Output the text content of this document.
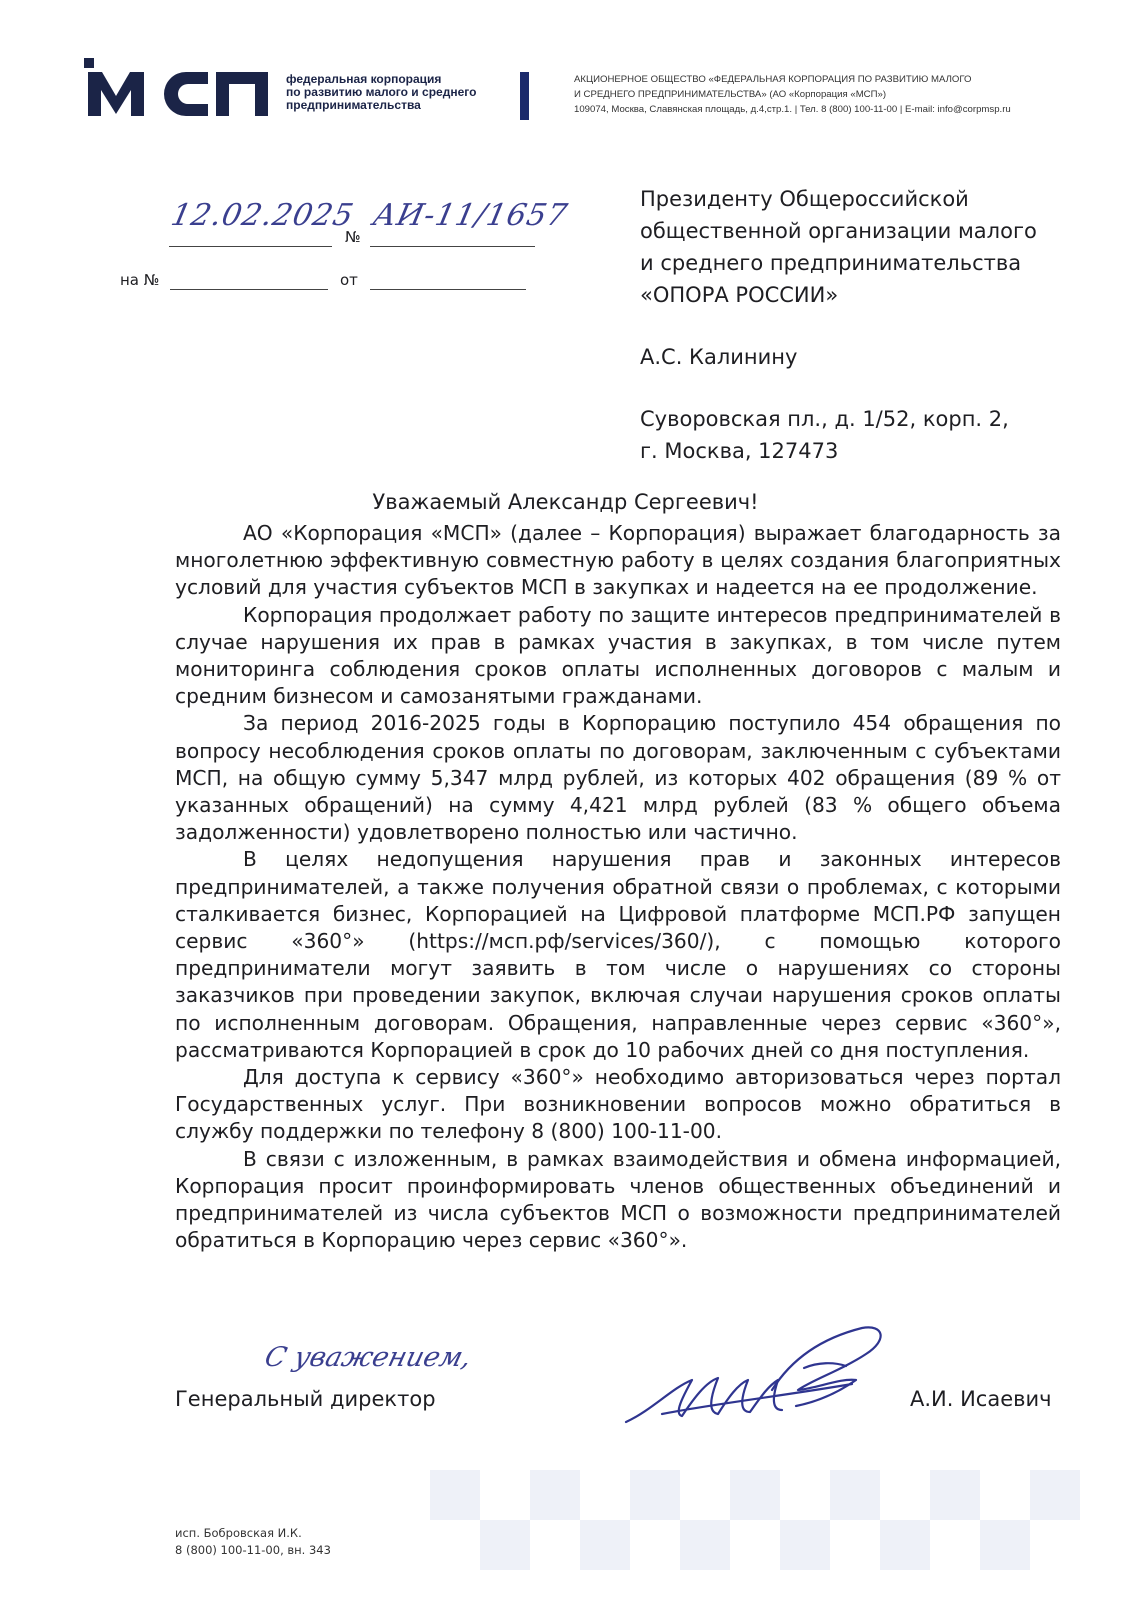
МСП
федеральная корпорация
по развитию малого и среднего
предпринимательства
АКЦИОНЕРНОЕ ОБЩЕСТВО «ФЕДЕРАЛЬНАЯ КОРПОРАЦИЯ ПО РАЗВИТИЮ МАЛОГО
И СРЕДНЕГО ПРЕДПРИНИМАТЕЛЬСТВА» (АО «Корпорация «МСП»)
109074, Москва, Славянская площадь, д.4,стр.1. | Тел. 8 (800) 100-11-00 | E-mail: info@corpmsp.ru
12.02.2025
№
АИ-11/1657
на №	от
Президенту Общероссийской
общественной организации малого
и среднего предпринимательства
«ОПОРА РОССИИ»
А.С. Калинину
Суворовская пл., д. 1/52, корп. 2,
г. Москва, 127473
Уважаемый Александр Сергеевич!

АО «Корпорация «МСП» (далее – Корпорация) выражает благодарность за многолетнюю эффективную совместную работу в целях создания благоприятных условий для участия субъектов МСП в закупках и надеется на ее продолжение.

Корпорация продолжает работу по защите интересов предпринимателей в случае нарушения их прав в рамках участия в закупках, в том числе путем мониторинга соблюдения сроков оплаты исполненных договоров с малым и средним бизнесом и самозанятыми гражданами.

За период 2016-2025 годы в Корпорацию поступило 454 обращения по вопросу несоблюдения сроков оплаты по договорам, заключенным с субъектами МСП, на общую сумму 5,347 млрд рублей, из которых 402 обращения (89 % от указанных обращений) на сумму 4,421 млрд рублей (83 % общего объема задолженности) удовлетворено полностью или частично.

В целях недопущения нарушения прав и законных интересов предпринимателей, а также получения обратной связи о проблемах, с которыми сталкивается бизнес, Корпорацией на Цифровой платформе МСП.РФ запущен сервис «360°» (https://мсп.рф/services/360/), с помощью которого предприниматели могут заявить в том числе о нарушениях со стороны заказчиков при проведении закупок, включая случаи нарушения сроков оплаты по исполненным договорам. Обращения, направленные через сервис «360°», рассматриваются Корпорацией в срок до 10 рабочих дней со дня поступления.

Для доступа к сервису «360°» необходимо авторизоваться через портал Государственных услуг. При возникновении вопросов можно обратиться в службу поддержки по телефону 8 (800) 100-11-00.

В связи с изложенным, в рамках взаимодействия и обмена информацией, Корпорация просит проинформировать членов общественных объединений и предпринимателей из числа субъектов МСП о возможности предпринимателей обратиться в Корпорацию через сервис «360°».

С уважением,
Генеральный директор	А.И. Исаевич
исп. Бобровская И.К.
8 (800) 100-11-00, вн. 343
